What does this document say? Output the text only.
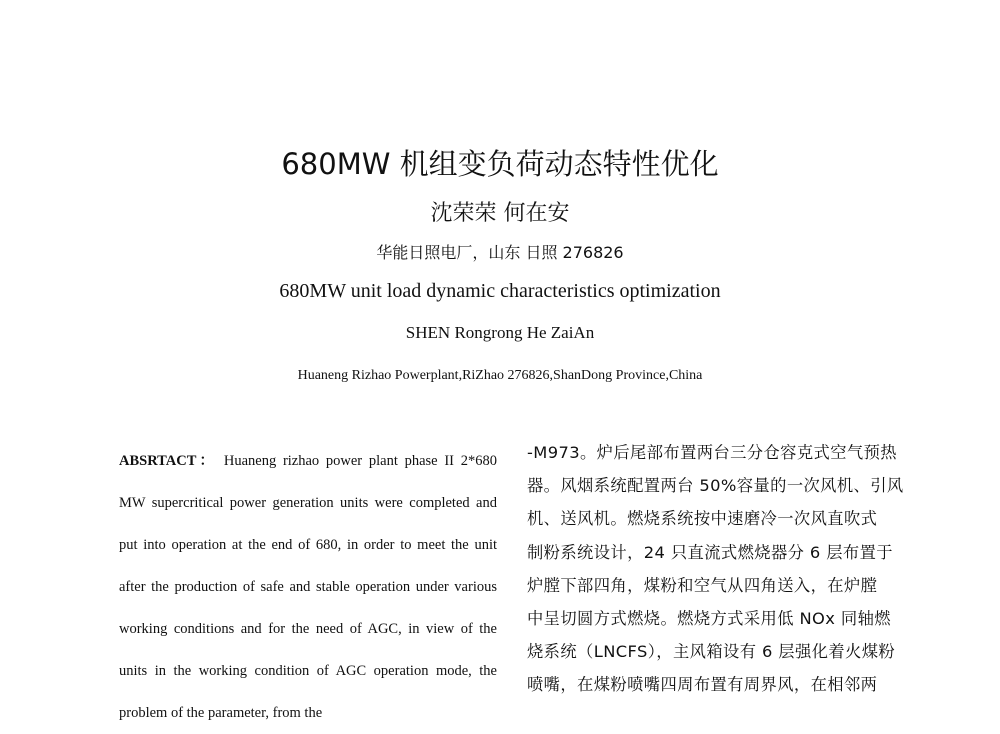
680MW 机组变负荷动态特性优化
沈荣荣 何在安
华能日照电厂，山东 日照 276826
680MW unit load dynamic characteristics optimization
SHEN Rongrong He ZaiAn
Huaneng Rizhao Powerplant,RiZhao 276826,ShanDong Province,China
ABSRTACT： Huaneng rizhao power plant phase II 2*680 MW supercritical power generation units were completed and put into operation at the end of 680, in order to meet the unit after the production of safe and stable operation under various working conditions and for the need of AGC, in view of the units in the working condition of AGC operation mode, the problem of the parameter, from the
-M973。炉后尾部布置两台三分仓容克式空气预热
器。风烟系统配置两台 50%容量的一次风机、引风
机、送风机。燃烧系统按中速磨冷一次风直吹式
制粉系统设计，24 只直流式燃烧器分 6 层布置于
炉膛下部四角，煤粉和空气从四角送入，在炉膛
中呈切圆方式燃烧。燃烧方式采用低 NOx 同轴燃
烧系统（LNCFS），主风箱设有 6 层强化着火煤粉
喷嘴，在煤粉喷嘴四周布置有周界风，在相邻两
